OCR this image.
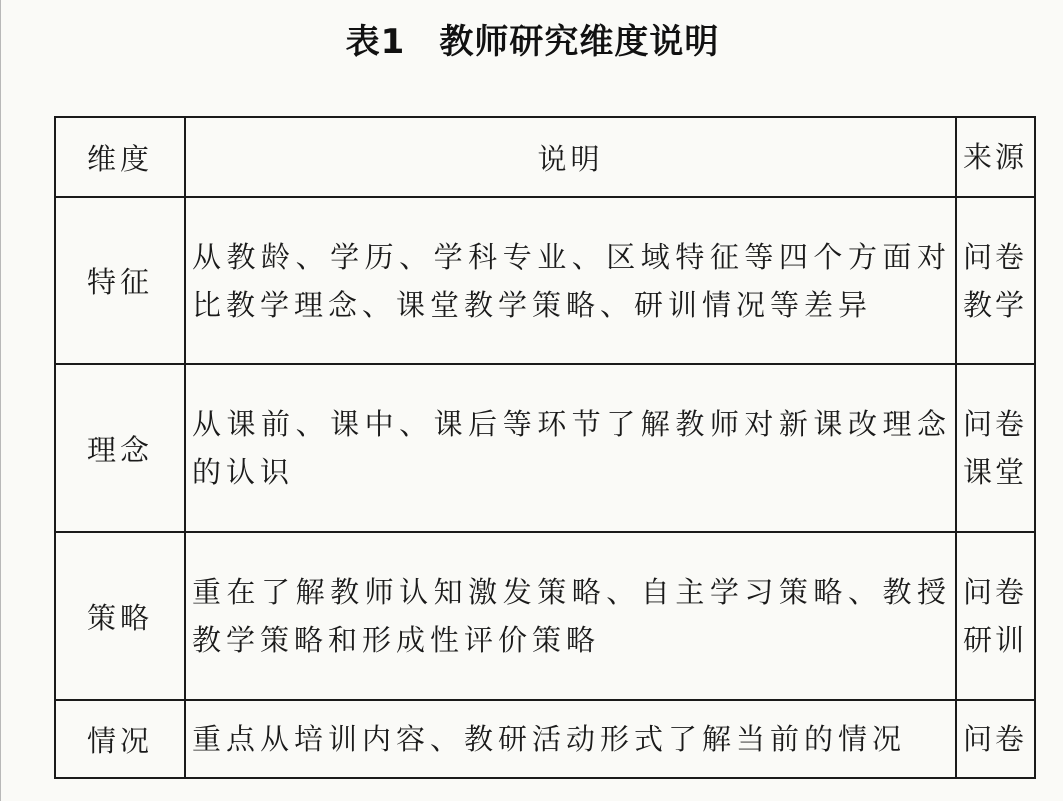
表1 教师研究维度说明
维度	说明	来源
特征	从教龄、学历、学科专业、区域特征等四个方面对比教学理念、课堂教学策略、研训情况等差异	问卷
教学

理念	从课前、课中、课后等环节了解教师对新课改理念的认识	问卷
课堂

策略	重在了解教师认知激发策略、自主学习策略、教授教学策略和形成性评价策略	问卷
研训

情况	重点从培训内容、教研活动形式了解当前的情况	问卷
